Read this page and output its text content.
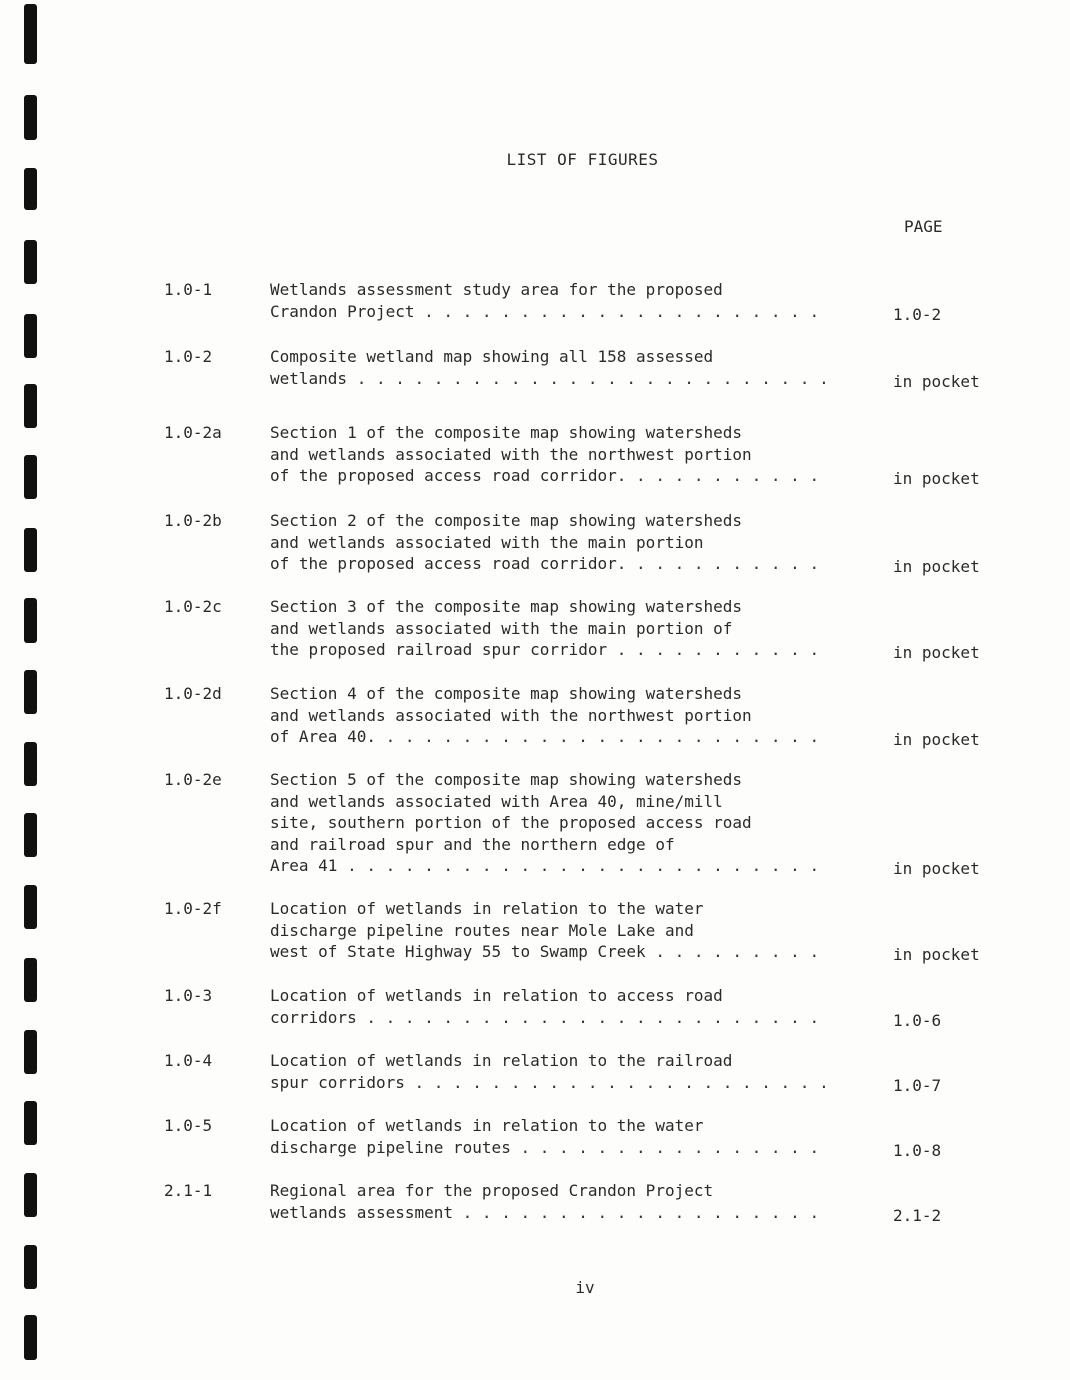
LIST OF FIGURES
PAGE
1.0-1	Wetlands assessment study area for the proposed
Crandon Project . . . . . . . . . . . . . . . . . . . . .	1.0-2
1.0-2	Composite wetland map showing all 158 assessed
wetlands . . . . . . . . . . . . . . . . . . . . . . . . .	in pocket
1.0-2a	Section 1 of the composite map showing watersheds
and wetlands associated with the northwest portion
of the proposed access road corridor. . . . . . . . . . .	in pocket
1.0-2b	Section 2 of the composite map showing watersheds
and wetlands associated with the main portion
of the proposed access road corridor. . . . . . . . . . .	in pocket
1.0-2c	Section 3 of the composite map showing watersheds
and wetlands associated with the main portion of
the proposed railroad spur corridor . . . . . . . . . . .	in pocket
1.0-2d	Section 4 of the composite map showing watersheds
and wetlands associated with the northwest portion
of Area 40. . . . . . . . . . . . . . . . . . . . . . . .	in pocket
1.0-2e	Section 5 of the composite map showing watersheds
and wetlands associated with Area 40, mine/mill
site, southern portion of the proposed access road
and railroad spur and the northern edge of
Area 41 . . . . . . . . . . . . . . . . . . . . . . . . .	in pocket
1.0-2f	Location of wetlands in relation to the water
discharge pipeline routes near Mole Lake and
west of State Highway 55 to Swamp Creek . . . . . . . . .	in pocket
1.0-3	Location of wetlands in relation to access road
corridors . . . . . . . . . . . . . . . . . . . . . . . .	1.0-6
1.0-4	Location of wetlands in relation to the railroad
spur corridors . . . . . . . . . . . . . . . . . . . . . .	1.0-7
1.0-5	Location of wetlands in relation to the water
discharge pipeline routes . . . . . . . . . . . . . . . .	1.0-8
2.1-1	Regional area for the proposed Crandon Project
wetlands assessment . . . . . . . . . . . . . . . . . . .	2.1-2
iv
